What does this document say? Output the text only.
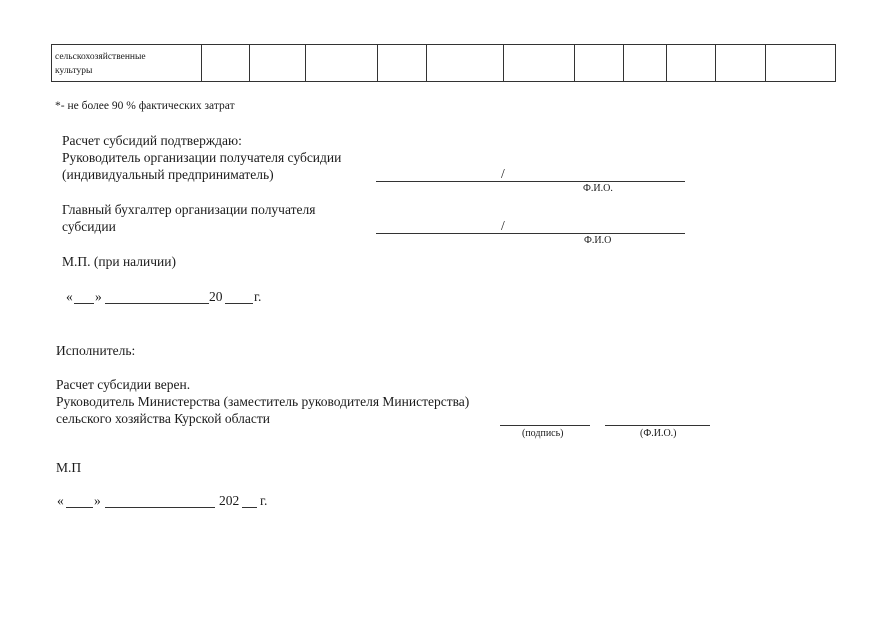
сельскохозяйственные
культуры
*- не более 90 % фактических затрат
Расчет субсидий подтверждаю:
Руководитель организации получателя субсидии
(индивидуальный предприниматель)	/
Ф.И.О.
Главный бухгалтер организации получателя
субсидии	/
Ф.И.О
М.П. (при наличии)
« »	20 г.
Исполнитель:
Расчет субсидии верен.
Руководитель Министерства (заместитель руководителя Министерства)
сельского хозяйства Курской области
(подпись)	(Ф.И.О.)
М.П
« »	202 г.
